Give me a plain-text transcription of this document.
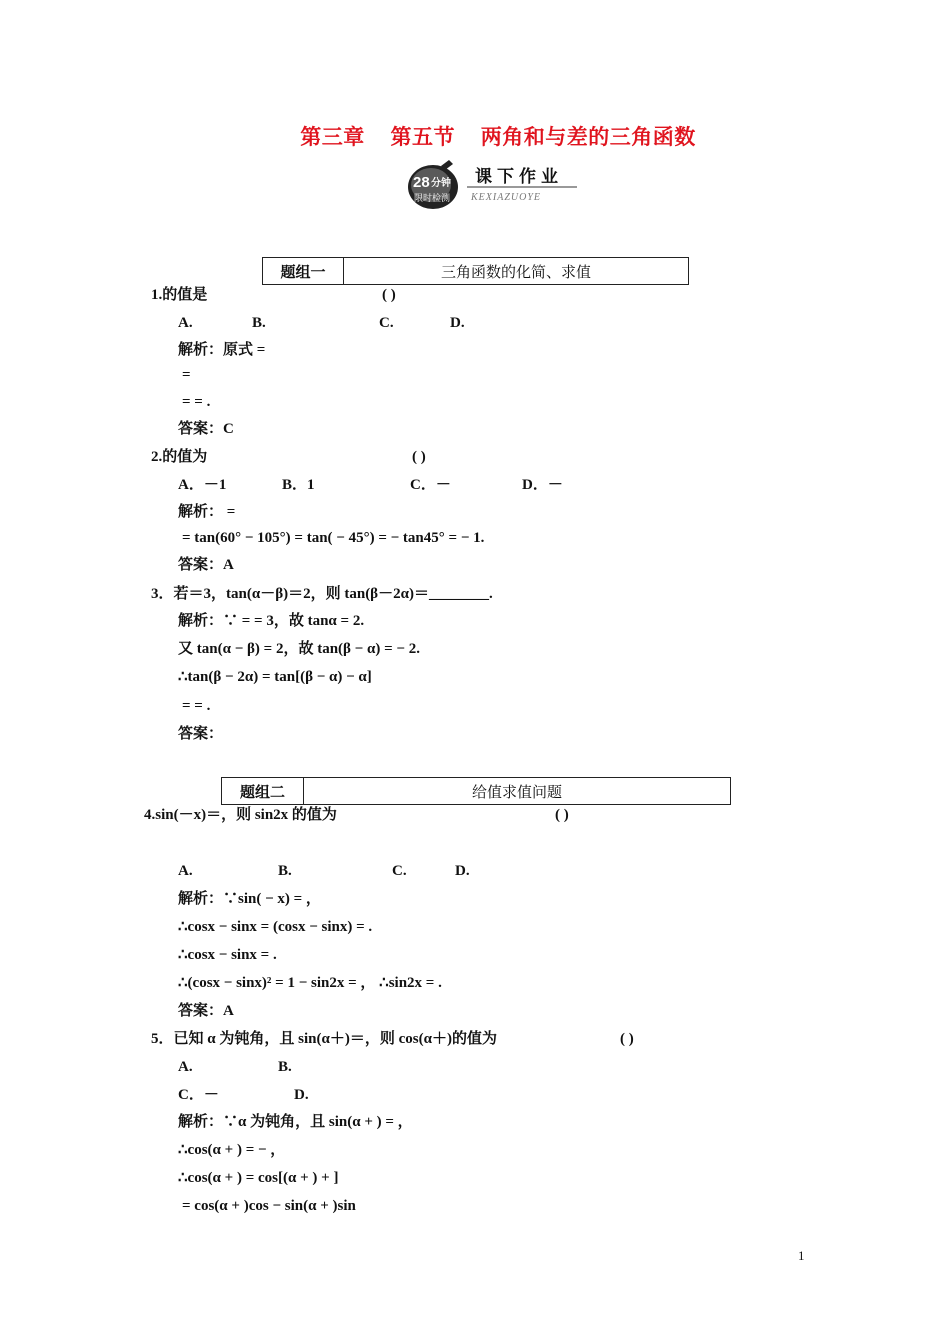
第三章 第五节 两角和与差的三角函数
28 分钟
限时检测
课下作业
KEXIAZUOYE
题组一	三角函数的化简、求值
1.的值是	( )
A.	B.	C.	D.
解析：原式 =
=
= = .
答案：C
2.的值为	( )
A．－1	B．1	C．－	D．－
解析： =
= tan(60° − 105°) = tan( − 45°) = − tan45° = − 1.
答案：A
3．若＝3，tan(α－β)＝2，则 tan(β－2α)＝________.
解析：∵ = = 3，故 tanα = 2.
又 tan(α − β) = 2，故 tan(β − α) = − 2.
∴tan(β − 2α) = tan[(β − α) − α]
= = .
答案：
题组二	给值求值问题
4.sin(－x)＝，则 sin2x 的值为	( )
A.	B.	C.	D.
解析：∵sin( − x) = ，
∴cosx − sinx = (cosx − sinx) = .
∴cosx − sinx = .
∴(cosx − sinx)² = 1 − sin2x = ， ∴sin2x = .
答案：A
5．已知 α 为钝角，且 sin(α＋)＝，则 cos(α＋)的值为	( )
A.	B.
C．－	D.
解析：∵α 为钝角，且 sin(α + ) = ，
∴cos(α + ) = − ，
∴cos(α + ) = cos[(α + ) + ]
= cos(α + )cos − sin(α + )sin
1
